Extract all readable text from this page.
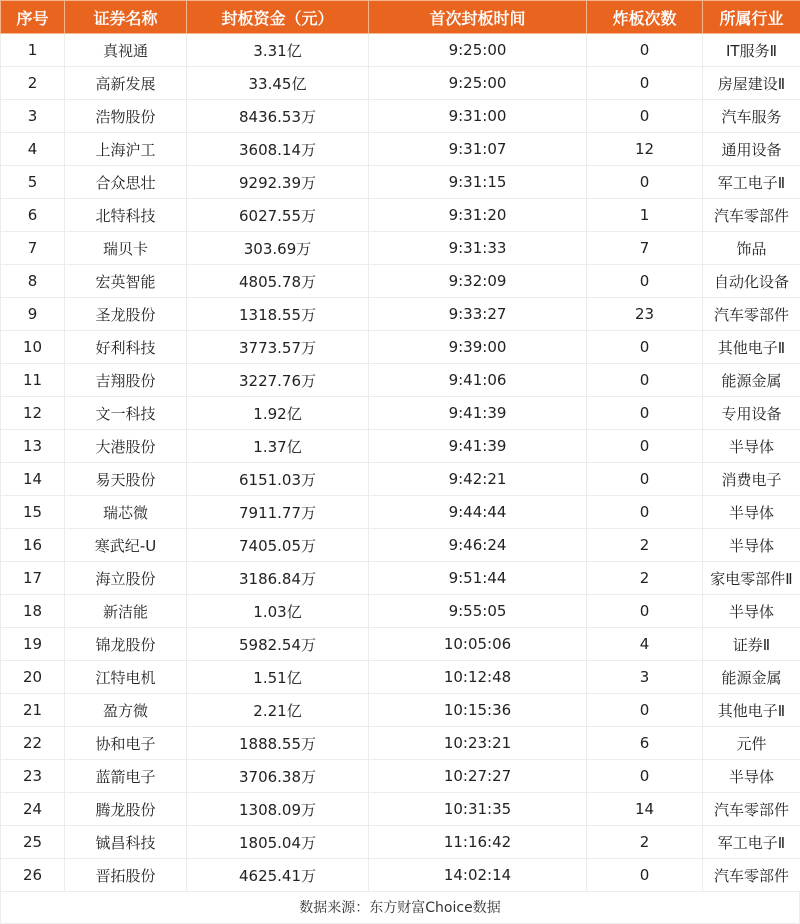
序号	证券名称	封板资金（元）	首次封板时间	炸板次数	所属行业
1	真视通	3.31亿	9:25:00	0	IT服务Ⅱ
2	高新发展	33.45亿	9:25:00	0	房屋建设Ⅱ
3	浩物股份	8436.53万	9:31:00	0	汽车服务
4	上海沪工	3608.14万	9:31:07	12	通用设备
5	合众思壮	9292.39万	9:31:15	0	军工电子Ⅱ
6	北特科技	6027.55万	9:31:20	1	汽车零部件
7	瑞贝卡	303.69万	9:31:33	7	饰品
8	宏英智能	4805.78万	9:32:09	0	自动化设备
9	圣龙股份	1318.55万	9:33:27	23	汽车零部件
10	好利科技	3773.57万	9:39:00	0	其他电子Ⅱ
11	吉翔股份	3227.76万	9:41:06	0	能源金属
12	文一科技	1.92亿	9:41:39	0	专用设备
13	大港股份	1.37亿	9:41:39	0	半导体
14	易天股份	6151.03万	9:42:21	0	消费电子
15	瑞芯微	7911.77万	9:44:44	0	半导体
16	寒武纪-U	7405.05万	9:46:24	2	半导体
17	海立股份	3186.84万	9:51:44	2	家电零部件Ⅱ
18	新洁能	1.03亿	9:55:05	0	半导体
19	锦龙股份	5982.54万	10:05:06	4	证券Ⅱ
20	江特电机	1.51亿	10:12:48	3	能源金属
21	盈方微	2.21亿	10:15:36	0	其他电子Ⅱ
22	协和电子	1888.55万	10:23:21	6	元件
23	蓝箭电子	3706.38万	10:27:27	0	半导体
24	腾龙股份	1308.09万	10:31:35	14	汽车零部件
25	铖昌科技	1805.04万	11:16:42	2	军工电子Ⅱ
26	晋拓股份	4625.41万	14:02:14	0	汽车零部件
数据来源：东方财富Choice数据
